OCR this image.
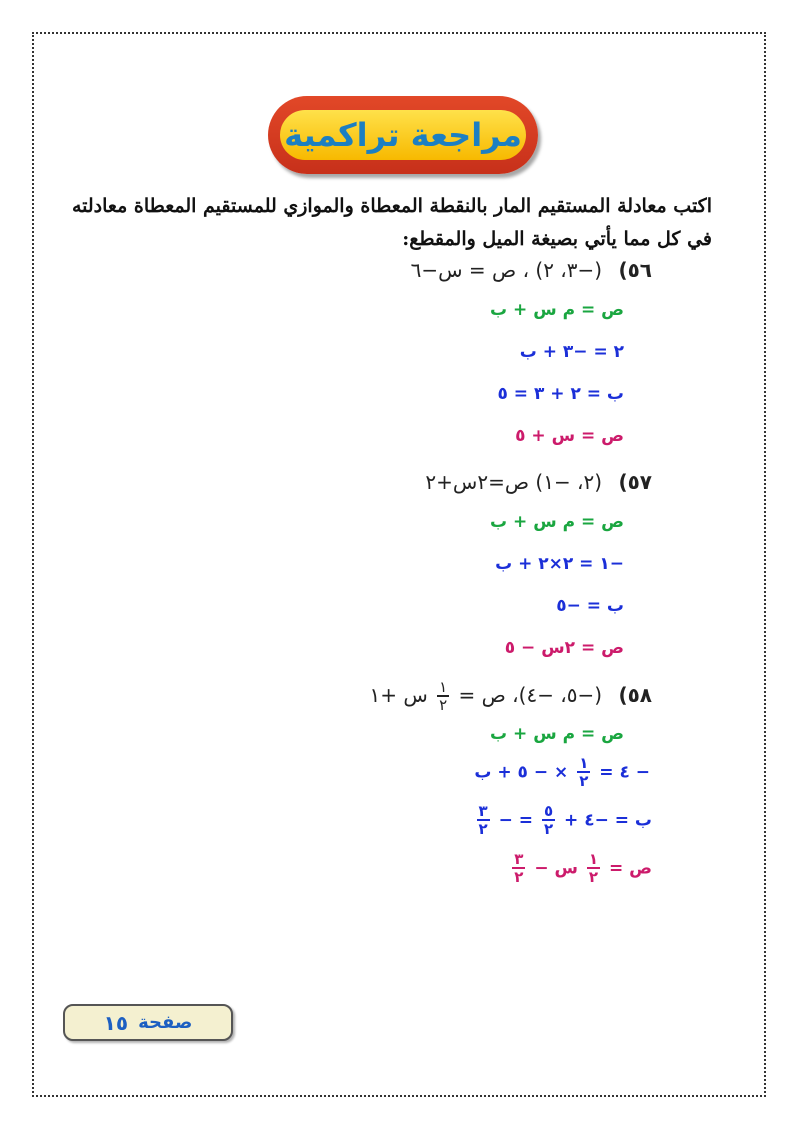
مراجعة تراكمية
اكتب معادلة المستقيم المار بالنقطة المعطاة والموازي للمستقيم المعطاة معادلته
في كل مما يأتي بصيغة الميل والمقطع:
٥٦) (−٣، ٢) ، ص = س−٦
ص = م س + ب
٢ = −٣ + ب
ب = ٢ + ٣ = ٥
ص = س + ٥
٥٧) (٢، −١) ص=٢س+٢
ص = م س + ب
−١ = ٢×٢ + ب
ب = −٥
ص = ٢س − ٥
٥٨) (−٥، −٤)، ص =
$\frac{١}{٢}$
س +١
ص = م س + ب
− ٤ =
$\frac{١}{٢}$
× − ٥ + ب
ب = −٤ +
$\frac{٥}{٢}$
= −
$\frac{٣}{٢}$
ص =
$\frac{١}{٢}$
س −
$\frac{٣}{٢}$
صفحة
١٥
